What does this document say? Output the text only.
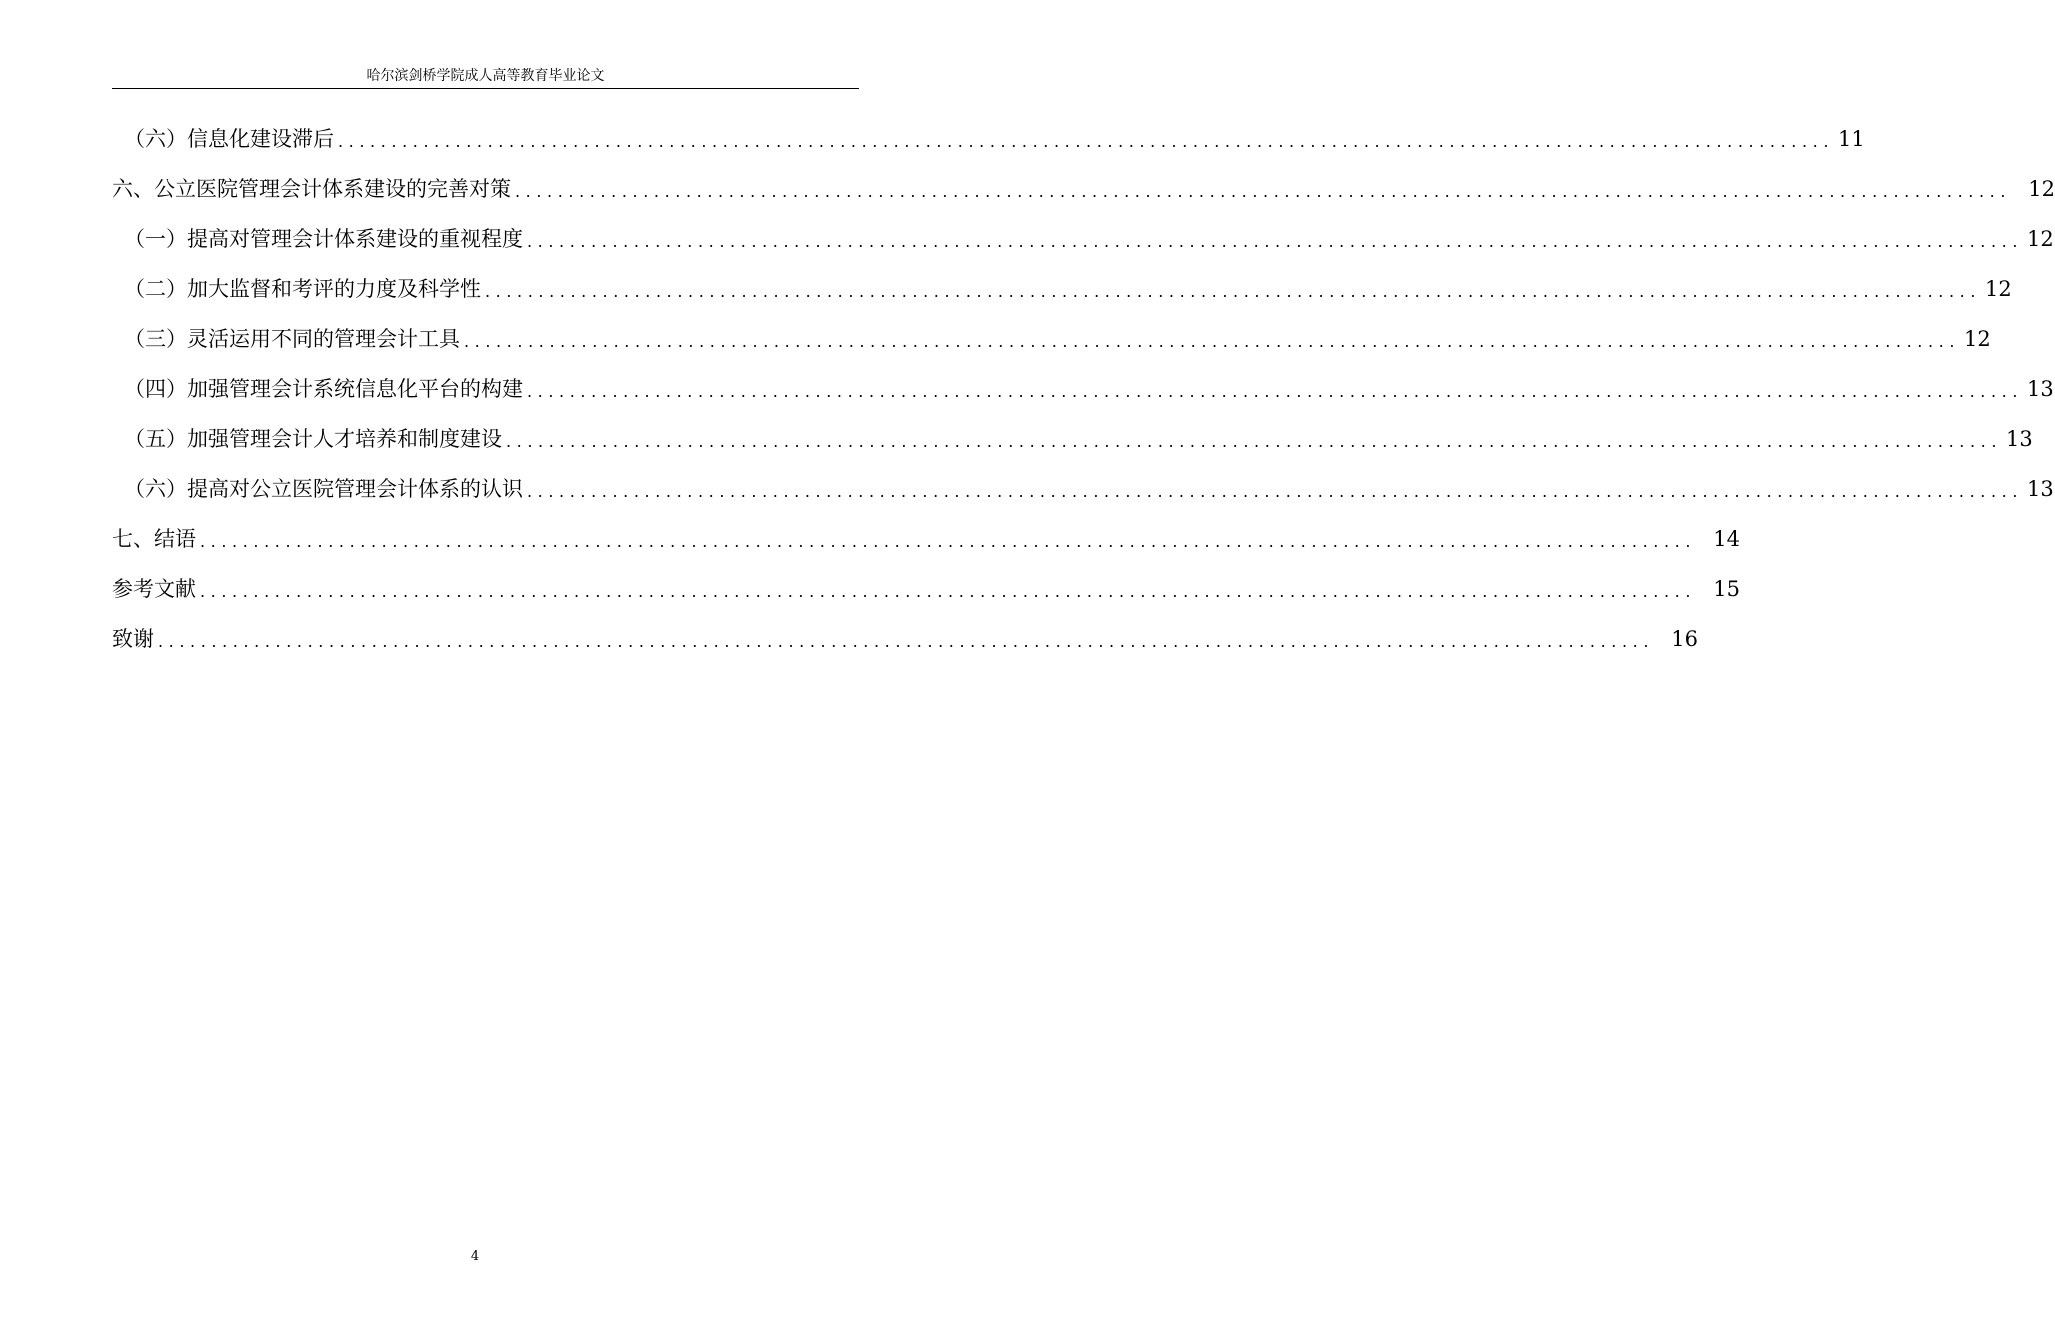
哈尔滨剑桥学院成人高等教育毕业论文
（六）信息化建设滞后 ............................................................................................................................................ 11
六、公立医院管理会计体系建设的完善对策 ............................................................................................................................................ 12
（一）提高对管理会计体系建设的重视程度 ............................................................................................................................................ 12
（二）加大监督和考评的力度及科学性 ............................................................................................................................................ 12
（三）灵活运用不同的管理会计工具 ............................................................................................................................................ 12
（四）加强管理会计系统信息化平台的构建 ............................................................................................................................................ 13
（五）加强管理会计人才培养和制度建设 ............................................................................................................................................ 13
（六）提高对公立医院管理会计体系的认识 ............................................................................................................................................ 13
七、结语 ............................................................................................................................................ 14
参考文献 ............................................................................................................................................ 15
致谢 ............................................................................................................................................ 16
4
